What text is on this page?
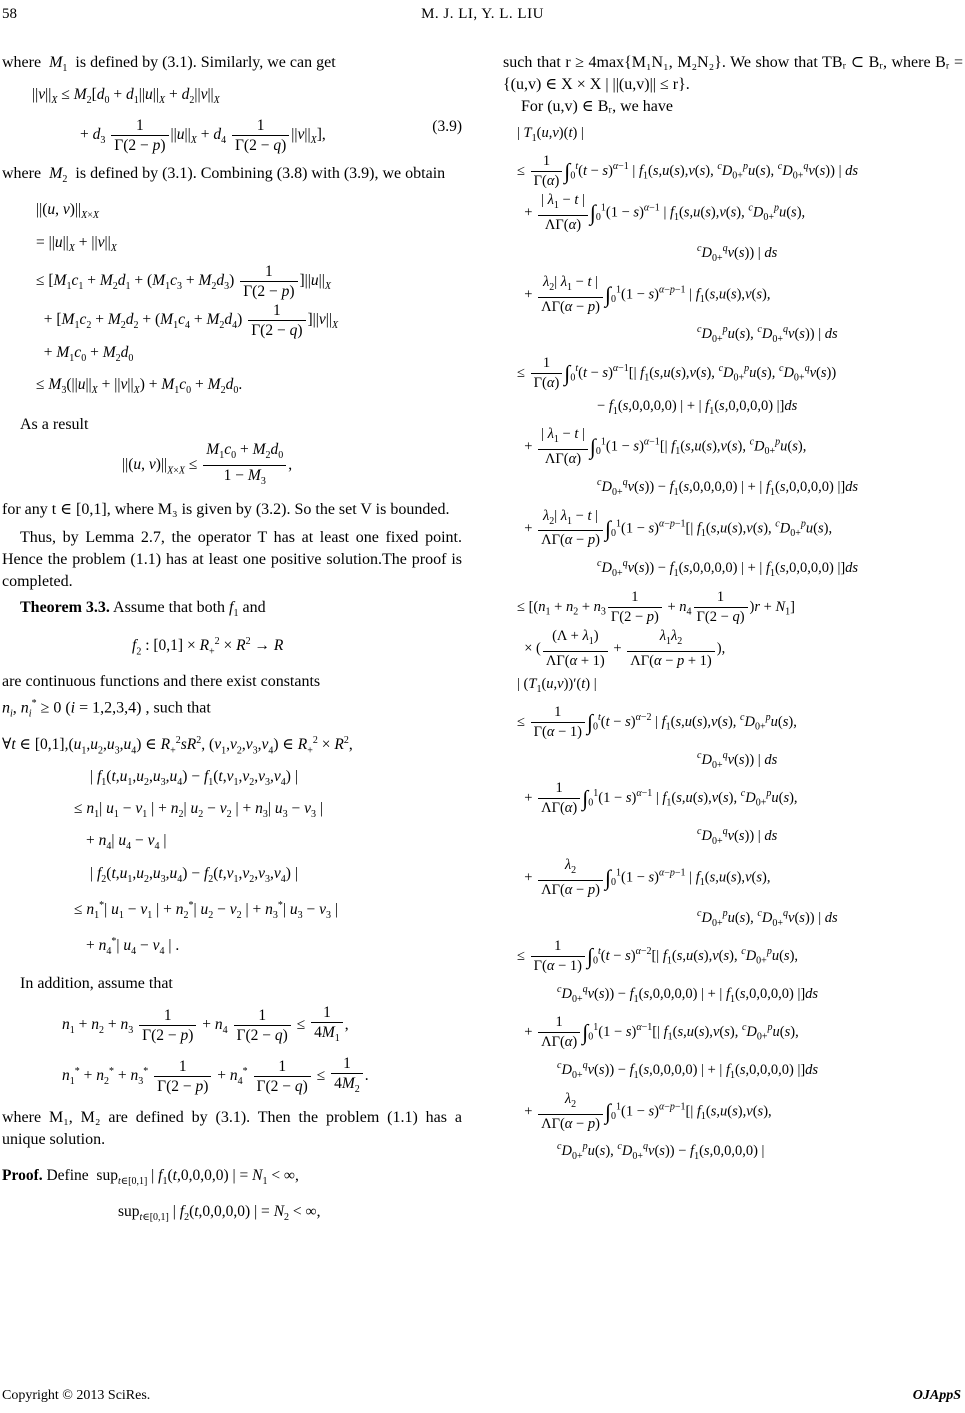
58	M. J. LI, Y. L. LIU

where $M_1$ is defined by (3.1). Similarly, we can get

$||v||_X \le M_2[d_0 + d_1||u||_X + d_2||v||_X$
+ $d_3 \frac{1}{\Gamma(2 - p)} ||u||_X + d_4 \frac{1}{\Gamma(2 - q)} ||v||_X$],	(3.9)

where $M_2$ is defined by (3.1). Combining (3.8) with (3.9), we obtain

||(u, $v)||_{X\times X}$
= $||u||_X + ||v||_X$
≤ $[M_1c_1 + M_2d_1 + (M_1c_3 + M_2d_3) \frac{1}{\Gamma(2 - p)} ]||u||_X$
+ $[M_1c_2 + M_2d_2 + (M_1c_4 + M_2d_4) \frac{1}{\Gamma(2 - q)} ]||v||_X$
+ $M_1c_0 + M_2d_0$
≤ $M_3(||u||_X + ||v||_X) + M_1c_0 + M_2d_0$.

As a result

||(u, $v)||_{X\times X} \le \frac{M_1c_0 + M_2d_0}{1 - M_3}$ ,

for any t ∈ [0,1], where M₃ is given by (3.2). So the set V is bounded.

Thus, by Lemma 2.7, the operator T has at least one fixed point. Hence the problem (1.1) has at least one positive solution.The proof is completed.

Theorem 3.3. Assume that both $f_1$ and

$f_2$ : $[0,1] \times R_+^2 \times R^2 \to R$

are continuous functions and there exist constants

$n_i$, $n_i^* \ge 0$ (i = 1,2,3,4) , such that

∀t ∈ $[0,1],(u_1,u_2,u_3,u_4)$ ∈ $R_+^2sR^2$, $(v_1,v_2,v_3,v_4)$ ∈ $R_+^2 \times R^2$,
| $f_1(t,u_1,u_2,u_3,u_4) - f_1(t,v_1,v_2,v_3,v_4)$ |
≤ $n_1|$ $u_1 - v_1$ | + $n_2|$ $u_2 - v_2$ | + $n_3|$ $u_3 - v_3$ |
+ $n_4|$ $u_4 - v_4$ |
| $f_2(t,u_1,u_2,u_3,u_4) - f_2(t,v_1,v_2,v_3,v_4)$ |
≤ $n_1^*|$ $u_1 - v_1$ | + $n_2^*|$ $u_2 - v_2$ | + $n_3^*|$ $u_3 - v_3$ |
+ $n_4^*|$ $u_4 - v_4$ | .

In addition, assume that

$n_1 + n_2 + n_3 \frac{1}{\Gamma(2 - p)} + n_4 \frac{1}{\Gamma(2 - q)} \le \frac{1}{4M_1}$ ,
$n_1^* + n_2^* + n_3^* \frac{1}{\Gamma(2 - p)} + n_4^* \frac{1}{\Gamma(2 - q)} \le \frac{1}{4M_2}$ .

where M₁, M₂ are defined by (3.1). Then the problem (1.1) has a unique solution.

Proof. Define  sup$_{t\in[0,1]}$ | $f_1(t,0,0,0,0)$ | = $N_1$ < ∞,
sup$_{t\in[0,1]}$ | $f_2(t,0,0,0,0)$ | = $N_2$ < ∞,

such that r ≥ 4max{M₁N₁, M₂N₂}. We show that TBᵣ ⊂ Bᵣ, where Bᵣ = {(u,v) ∈ X × X | ||(u,v)|| ≤ r}.

For (u,v) ∈ Bᵣ, we have

| $T_1(u,v)(t)$ |
≤ $\frac{1}{\Gamma(\alpha)} \int_0^t(t - s)^{\alpha-1}$ | $f_1(s,u(s),v(s)$, $^cD_{0+}^pu(s)$, $^cD_{0+}^qv(s)$) | ds
+ $\frac{| \lambda_1 - t |}{\Lambda\Gamma(\alpha)} \int_0^1(1 - s)^{\alpha-1}$ | $f_1(s,u(s),v(s)$, $^cD_{0+}^pu(s)$,
$^cD_{0+}^qv(s)$) | ds
+ $\frac{\lambda_2| \lambda_1 - t |}{\Lambda\Gamma(\alpha - p)} \int_0^1(1 - s)^{\alpha-p-1}$ | $f_1(s,u(s),v(s)$,
$^cD_{0+}^pu(s)$, $^cD_{0+}^qv(s)$) | ds
≤ $\frac{1}{\Gamma(\alpha)} \int_0^t(t - s)^{\alpha-1}[|$ $f_1(s,u(s),v(s)$, $^cD_{0+}^pu(s)$, $^cD_{0+}^qv(s)$)
− $f_1(s,0,0,0,0)$ | + | $f_1(s,0,0,0,0)$ |]ds
+ $\frac{| \lambda_1 - t |}{\Lambda\Gamma(\alpha)} \int_0^1(1 - s)^{\alpha-1}[|$ $f_1(s,u(s),v(s)$, $^cD_{0+}^pu(s)$,
$^cD_{0+}^qv(s)) - f_1(s,0,0,0,0)$ | + | $f_1(s,0,0,0,0)$ |]ds
+ $\frac{\lambda_2| \lambda_1 - t |}{\Lambda\Gamma(\alpha - p)} \int_0^1(1 - s)^{\alpha-p-1}[|$ $f_1(s,u(s),v(s)$, $^cD_{0+}^pu(s)$,
$^cD_{0+}^qv(s)) - f_1(s,0,0,0,0)$ | + | $f_1(s,0,0,0,0)$ |]ds
≤ $[(n_1 + n_2 + n_3 \frac{1}{\Gamma(2 - p)} + n_4 \frac{1}{\Gamma(2 - q)} )r + N_1]$
× ( $\frac{(\Lambda + \lambda_1)}{\Lambda\Gamma(\alpha + 1)} + \frac{\lambda_1\lambda_2}{\Lambda\Gamma(\alpha - p + 1)}$ ),
| $(T_1(u,v))'(t)$ |
≤ $\frac{1}{\Gamma(\alpha - 1)} \int_0^t(t - s)^{\alpha-2}$ | $f_1(s,u(s),v(s)$, $^cD_{0+}^pu(s)$,
$^cD_{0+}^qv(s)$) | ds
+ $\frac{1}{\Lambda\Gamma(\alpha)} \int_0^1(1 - s)^{\alpha-1}$ | $f_1(s,u(s),v(s)$, $^cD_{0+}^pu(s)$,
$^cD_{0+}^qv(s)$) | ds
+ $\frac{\lambda_2}{\Lambda\Gamma(\alpha - p)} \int_0^1(1 - s)^{\alpha-p-1}$ | $f_1(s,u(s),v(s)$,
$^cD_{0+}^pu(s)$, $^cD_{0+}^qv(s)$) | ds
≤ $\frac{1}{\Gamma(\alpha - 1)} \int_0^t(t - s)^{\alpha-2}[|$ $f_1(s,u(s),v(s)$, $^cD_{0+}^pu(s)$,
$^cD_{0+}^qv(s)) - f_1(s,0,0,0,0)$ | + | $f_1(s,0,0,0,0)$ |]ds
+ $\frac{1}{\Lambda\Gamma(\alpha)} \int_0^1(1 - s)^{\alpha-1}[|$ $f_1(s,u(s),v(s)$, $^cD_{0+}^pu(s)$,
$^cD_{0+}^qv(s)) - f_1(s,0,0,0,0)$ | + | $f_1(s,0,0,0,0)$ |]ds
+ $\frac{\lambda_2}{\Lambda\Gamma(\alpha - p)} \int_0^1(1 - s)^{\alpha-p-1}[|$ $f_1(s,u(s),v(s)$,
$^cD_{0+}^pu(s)$, $^cD_{0+}^qv(s)) - f_1(s,0,0,0,0)$ |
Copyright © 2013 SciRes.	OJAppS
